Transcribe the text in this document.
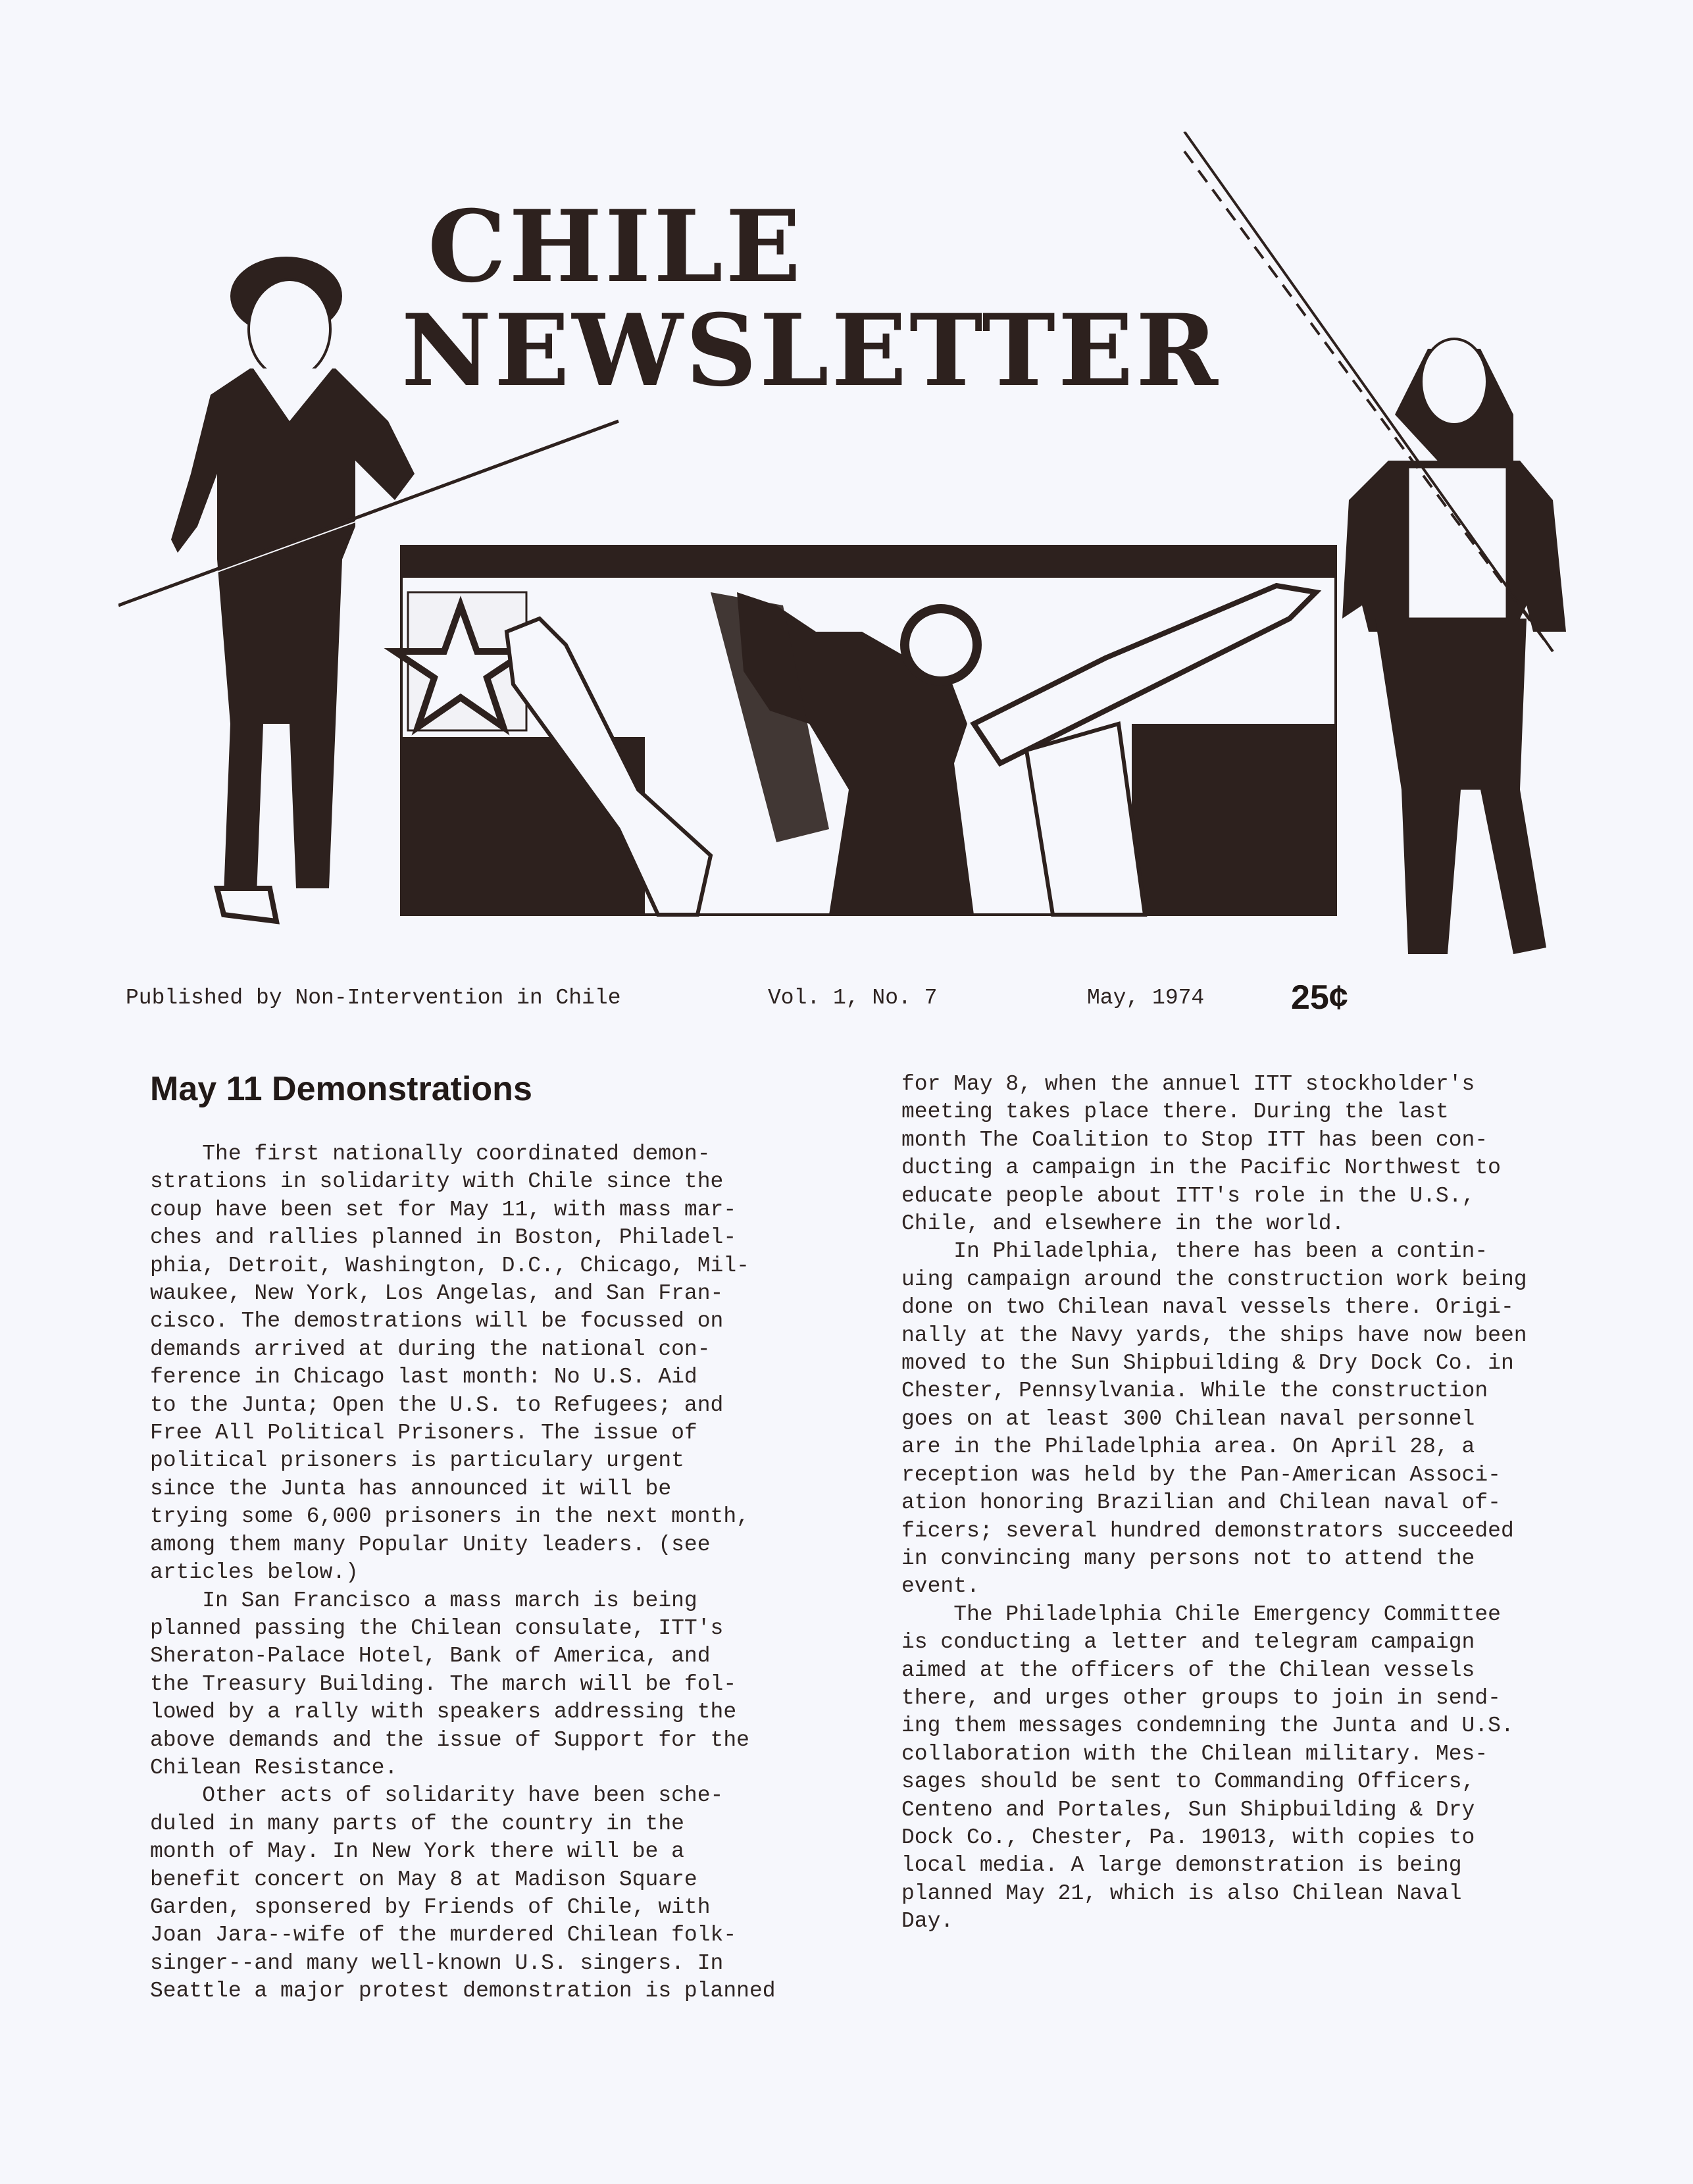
CHILE
NEWSLETTER
Published by Non-Intervention in Chile	Vol. 1, No. 7	May, 1974	25¢
May 11 Demonstrations

The first nationally coordinated demon-

strations in solidarity with Chile since the

coup have been set for May 11, with mass mar-

ches and rallies planned in Boston, Philadel-

phia, Detroit, Washington, D.C., Chicago, Mil-

waukee, New York, Los Angelas, and San Fran-

cisco. The demostrations will be focussed on

demands arrived at during the national con-

ference in Chicago last month: No U.S. Aid

to the Junta; Open the U.S. to Refugees; and

Free All Political Prisoners. The issue of

political prisoners is particulary urgent

since the Junta has announced it will be

trying some 6,000 prisoners in the next month,

among them many Popular Unity leaders. (see

articles below.)

In San Francisco a mass march is being

planned passing the Chilean consulate, ITT's

Sheraton-Palace Hotel, Bank of America, and

the Treasury Building. The march will be fol-

lowed by a rally with speakers addressing the

above demands and the issue of Support for the

Chilean Resistance.

Other acts of solidarity have been sche-

duled in many parts of the country in the

month of May. In New York there will be a

benefit concert on May 8 at Madison Square

Garden, sponsered by Friends of Chile, with

Joan Jara--wife of the murdered Chilean folk-

singer--and many well-known U.S. singers. In

Seattle a major protest demonstration is planned

for May 8, when the annuel ITT stockholder's

meeting takes place there. During the last

month The Coalition to Stop ITT has been con-

ducting a campaign in the Pacific Northwest to

educate people about ITT's role in the U.S.,

Chile, and elsewhere in the world.

In Philadelphia, there has been a contin-

uing campaign around the construction work being

done on two Chilean naval vessels there. Origi-

nally at the Navy yards, the ships have now been

moved to the Sun Shipbuilding & Dry Dock Co. in

Chester, Pennsylvania. While the construction

goes on at least 300 Chilean naval personnel

are in the Philadelphia area. On April 28, a

reception was held by the Pan-American Associ-

ation honoring Brazilian and Chilean naval of-

ficers; several hundred demonstrators succeeded

in convincing many persons not to attend the

event.

The Philadelphia Chile Emergency Committee

is conducting a letter and telegram campaign

aimed at the officers of the Chilean vessels

there, and urges other groups to join in send-

ing them messages condemning the Junta and U.S.

collaboration with the Chilean military. Mes-

sages should be sent to Commanding Officers,

Centeno and Portales, Sun Shipbuilding & Dry

Dock Co., Chester, Pa. 19013, with copies to

local media. A large demonstration is being

planned May 21, which is also Chilean Naval

Day.
